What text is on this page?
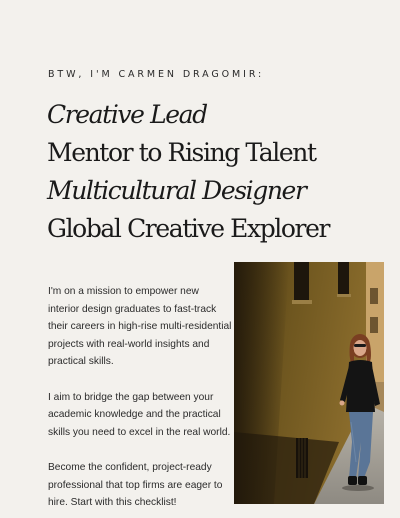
BTW, I'M CARMEN DRAGOMIR:
Creative Lead
Mentor to Rising Talent
Multicultural Designer
Global Creative Explorer

I'm on a mission to empower new interior design graduates to fast-track their careers in high-rise multi-residential projects with real-world insights and practical skills.

I aim to bridge the gap between your academic knowledge and the practical skills you need to excel in the real world.

Become the confident, project-ready professional that top firms are eager to hire. Start with this checklist!
